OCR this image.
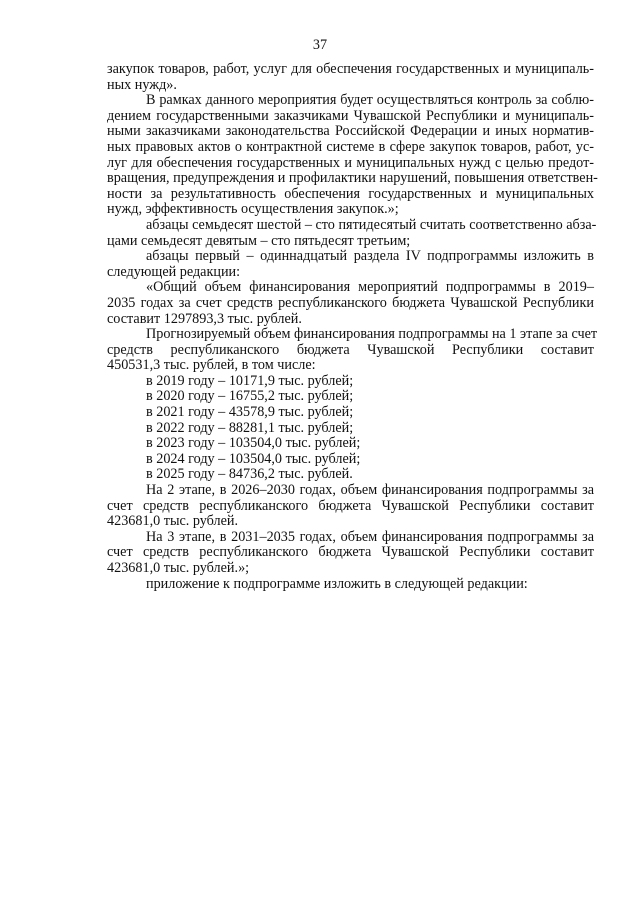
37
закупок товаров, работ, услуг для обеспечения государственных и муниципаль-
ных нужд».
В рамках данного мероприятия будет осуществляться контроль за соблю-
дением государственными заказчиками Чувашской Республики и муниципаль-
ными заказчиками законодательства Российской Федерации и иных норматив-
ных правовых актов о контрактной системе в сфере закупок товаров, работ, ус-
луг для обеспечения государственных и муниципальных нужд с целью предот-
вращения, предупреждения и профилактики нарушений, повышения ответствен-
ности за результативность обеспечения государственных и муниципальных
нужд, эффективность осуществления закупок.»;
абзацы семьдесят шестой – сто пятидесятый считать соответственно абза-
цами семьдесят девятым – сто пятьдесят третьим;
абзацы первый – одиннадцатый раздела IV подпрограммы изложить в
следующей редакции:
«Общий объем финансирования мероприятий подпрограммы в 2019–
2035 годах за счет средств республиканского бюджета Чувашской Республики
составит 1297893,3 тыс. рублей.
Прогнозируемый объем финансирования подпрограммы на 1 этапе за счет
средств республиканского бюджета Чувашской Республики составит
450531,3 тыс. рублей, в том числе:
в 2019 году – 10171,9 тыс. рублей;
в 2020 году – 16755,2 тыс. рублей;
в 2021 году – 43578,9 тыс. рублей;
в 2022 году – 88281,1 тыс. рублей;
в 2023 году – 103504,0 тыс. рублей;
в 2024 году – 103504,0 тыс. рублей;
в 2025 году – 84736,2 тыс. рублей.
На 2 этапе, в 2026–2030 годах, объем финансирования подпрограммы за
счет средств республиканского бюджета Чувашской Республики составит
423681,0 тыс. рублей.
На 3 этапе, в 2031–2035 годах, объем финансирования подпрограммы за
счет средств республиканского бюджета Чувашской Республики составит
423681,0 тыс. рублей.»;
приложение к подпрограмме изложить в следующей редакции:
